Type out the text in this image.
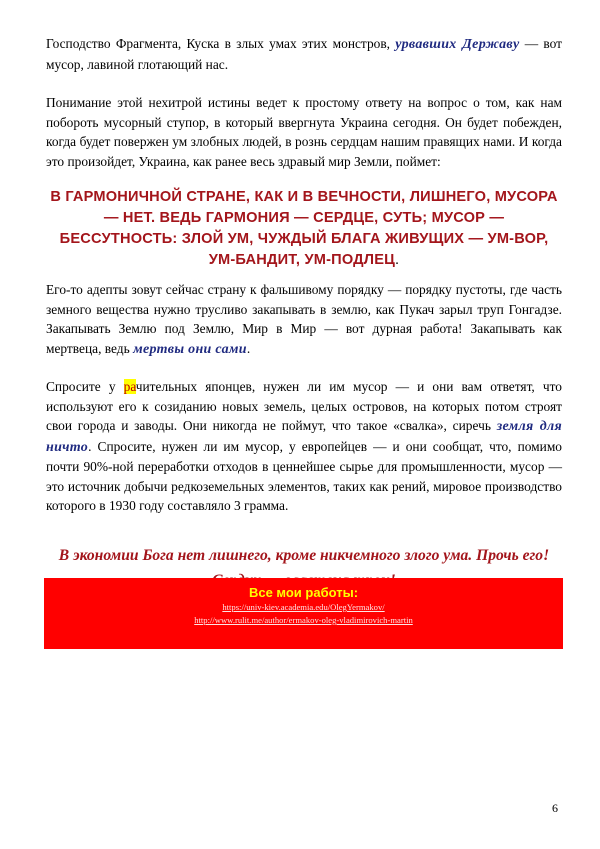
Господство Фрагмента, Куска в злых умах этих монстров, урвавших Державу — вот мусор, лавиной глотающий нас.

Понимание этой нехитрой истины ведет к простому ответу на вопрос о том, как нам побороть мусорный ступор, в который ввергнута Украина сегодня. Он будет побежден, когда будет повержен ум злобных людей, в рознь сердцам нашим правящих нами. И когда это произойдет, Украина, как ранее весь здравый мир Земли, поймет:

В ГАРМОНИЧНОЙ СТРАНЕ, КАК И В ВЕЧНОСТИ, ЛИШНЕГО, МУСОРА — НЕТ. ВЕДЬ ГАРМОНИЯ — СЕРДЦЕ, СУТЬ; МУСОР — БЕССУТНОСТЬ: ЗЛОЙ УМ, ЧУЖДЫЙ БЛАГА ЖИВУЩИХ — УМ-ВОР, УМ-БАНДИТ, УМ-ПОДЛЕЦ.

Его-то адепты зовут сейчас страну к фальшивому порядку — порядку пустоты, где часть земного вещества нужно трусливо закапывать в землю, как Пукач зарыл труп Гонгадзе. Закапывать Землю под Землю, Мир в Мир — вот дурная работа! Закапывать как мертвеца, ведь мертвы они сами.

Спросите у рачительных японцев, нужен ли им мусор — и они вам ответят, что используют его к созиданию новых земель, целых островов, на которых потом строят свои города и заводы. Они никогда не поймут, что такое «свалка», сиречь земля для ничто. Спросите, нужен ли им мусор, у европейцев — и они сообщат, что, помимо почти 90%-ной переработки отходов в ценнейшее сырье для промышленности, мусор — это источник добычи редкоземельных элементов, таких как рений, мировое производство которого в 1930 году составляло 3 грамма.

В экономии Бога нет лишнего, кроме никчемного злого ума. Прочь его!
Все мои работы:
https://univ-kiev.academia.edu/OlegYermakov/
http://www.rulit.me/author/ermakov-oleg-vladimirovich-martin
6
